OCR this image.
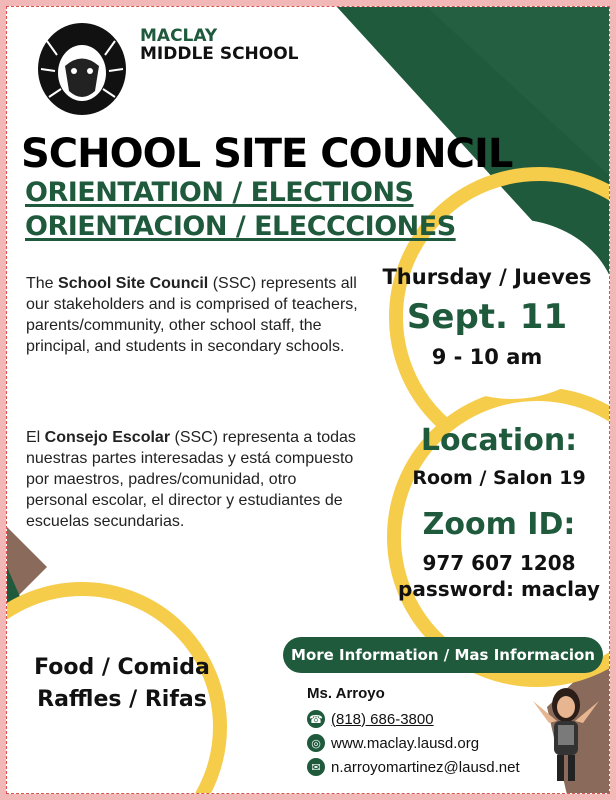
MACLAY
MIDDLE SCHOOL
SCHOOL SITE COUNCIL
ORIENTATION / ELECTIONS
ORIENTACION / ELECCCIONES
The School Site Council (SSC) represents all our stakeholders and is comprised of teachers, parents/community, other school staff, the principal, and students in secondary schools.
El Consejo Escolar (SSC) representa a todas nuestras partes interesadas y está compuesto por maestros, padres/comunidad, otro personal escolar, el director y estudiantes de escuelas secundarias.
Thursday / Jueves
Sept. 11
9 - 10 am
Location:
Room / Salon 19
Zoom ID:
977 607 1208
password: maclay
Food / Comida
Raffles / Rifas
More Information / Mas Informacion
Ms. Arroyo
☎ (818) 686-3800
◎ www.maclay.lausd.org
✉ n.arroyomartinez@lausd.net
